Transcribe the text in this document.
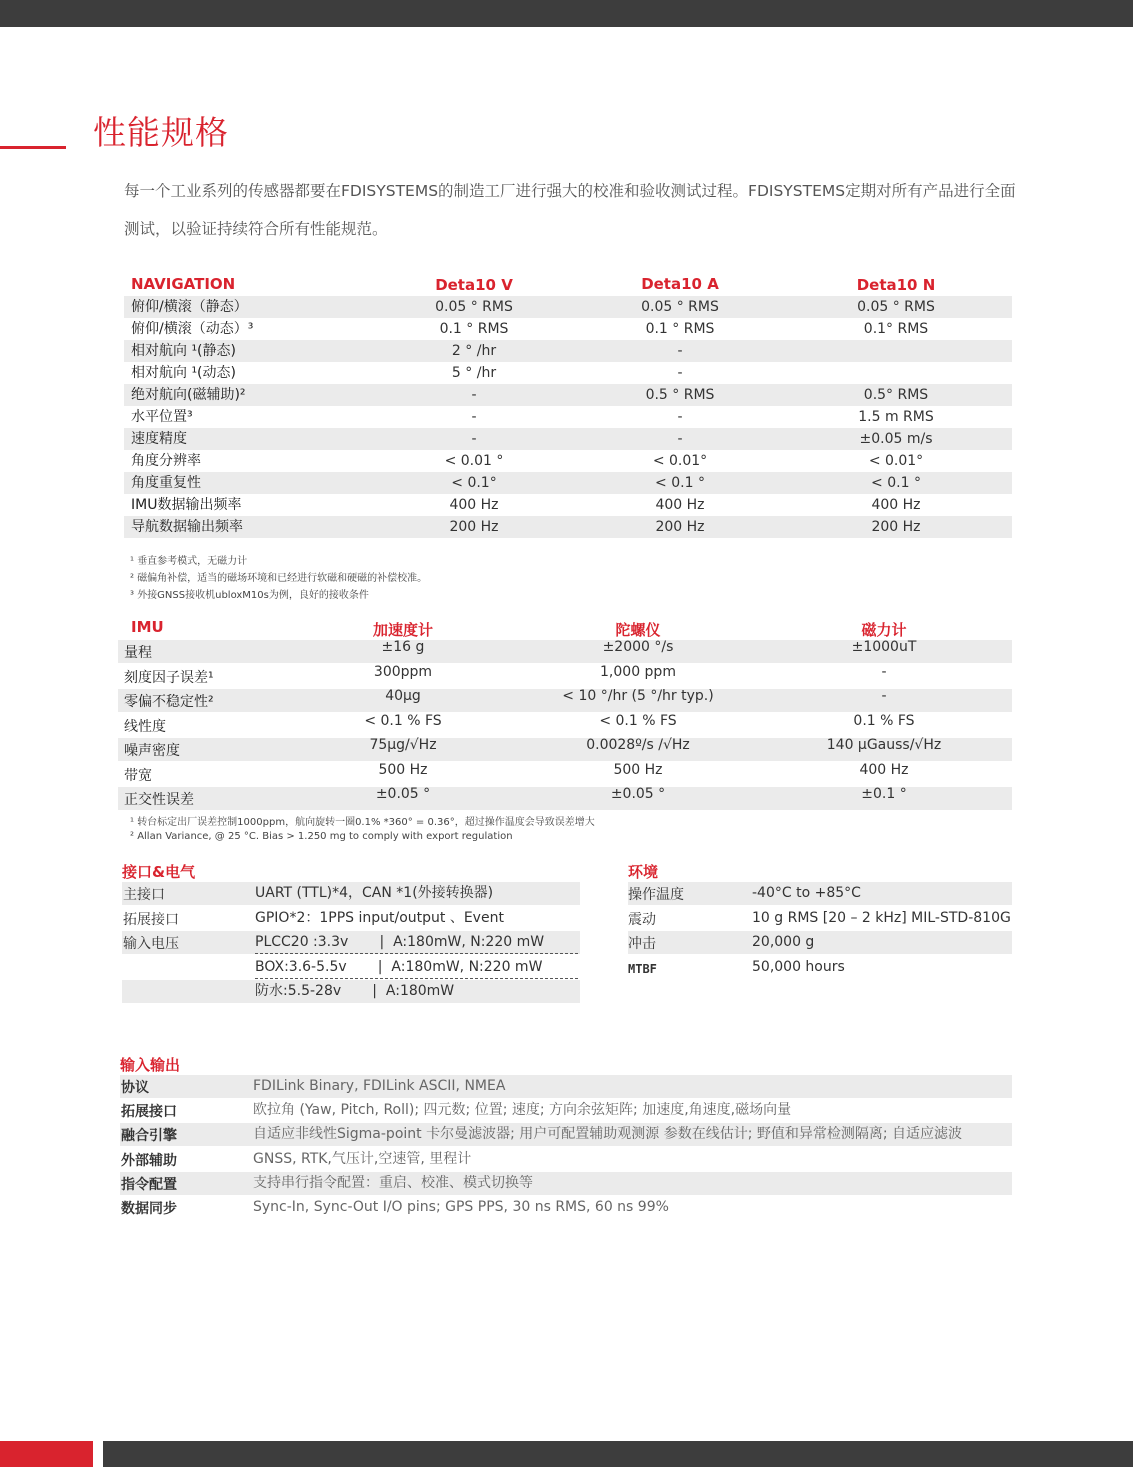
性能规格

每一个工业系列的传感器都要在FDISYSTEMS的制造工厂进行强大的校准和验收测试过程。FDISYSTEMS定期对所有产品进行全面测试，以验证持续符合所有性能规范。

NAVIGATION	Deta10 V	Deta10 A	Deta10 N
俯仰/横滚（静态）	0.05 ° RMS	0.05 ° RMS	0.05 ° RMS
俯仰/横滚（动态）³	0.1 ° RMS	0.1 ° RMS	0.1° RMS
相对航向 ¹(静态)	2 ° /hr	-
相对航向 ¹(动态)	5 ° /hr	-
绝对航向(磁辅助)²	-	0.5 ° RMS	0.5° RMS
水平位置³	-	-	1.5 m RMS
速度精度	-	-	±0.05 m/s
角度分辨率	< 0.01 °	< 0.01°	< 0.01°
角度重复性	< 0.1°	< 0.1 °	< 0.1 °
IMU数据输出频率	400 Hz	400 Hz	400 Hz
导航数据输出频率	200 Hz	200 Hz	200 Hz
¹ 垂直参考模式，无磁力计
² 磁偏角补偿，适当的磁场环境和已经进行软磁和硬磁的补偿校准。
³ 外接GNSS接收机ubloxM10s为例，良好的接收条件
IMU	加速度计	陀螺仪	磁力计
量程	±16 g	±2000 °/s	±1000uT
刻度因子误差¹	300ppm	1,000 ppm	-
零偏不稳定性²	40µg	< 10 °/hr (5 °/hr typ.)	-
线性度	< 0.1 % FS	< 0.1 % FS	0.1 % FS
噪声密度	75µg/√Hz	0.0028º/s /√Hz	140 µGauss/√Hz
带宽	500 Hz	500 Hz	400 Hz
正交性误差	±0.05 °	±0.05 °	±0.1 °
¹ 转台标定出厂误差控制1000ppm，航向旋转一圈0.1% *360° = 0.36°，超过操作温度会导致误差增大
² Allan Variance, @ 25 °C. Bias > 1.250 mg to comply with export regulation
接口&电气
主接口	UART (TTL)*4，CAN *1(外接转换器)
拓展接口	GPIO*2：1PPS input/output 、Event
输入电压	PLCC20 :3.3v       |  A:180mW, N:220 mW
BOX:3.6-5.5v       |  A:180mW, N:220 mW
防水:5.5-28v       |  A:180mW
环境
操作温度	-40°C to +85°C
震动	10 g RMS [20 – 2 kHz] MIL-STD-810G
冲击	20,000 g
MTBF	50,000 hours
输入输出
协议	FDILink Binary, FDILink ASCII, NMEA
拓展接口	欧拉角 (Yaw, Pitch, Roll); 四元数; 位置; 速度; 方向余弦矩阵; 加速度,角速度,磁场向量
融合引擎	自适应非线性Sigma-point 卡尔曼滤波器; 用户可配置辅助观测源 参数在线估计; 野值和异常检测隔离; 自适应滤波
外部辅助	GNSS, RTK,气压计,空速管, 里程计
指令配置	支持串行指令配置：重启、校准、模式切换等
数据同步	Sync-In, Sync-Out I/O pins; GPS PPS, 30 ns RMS, 60 ns 99%
